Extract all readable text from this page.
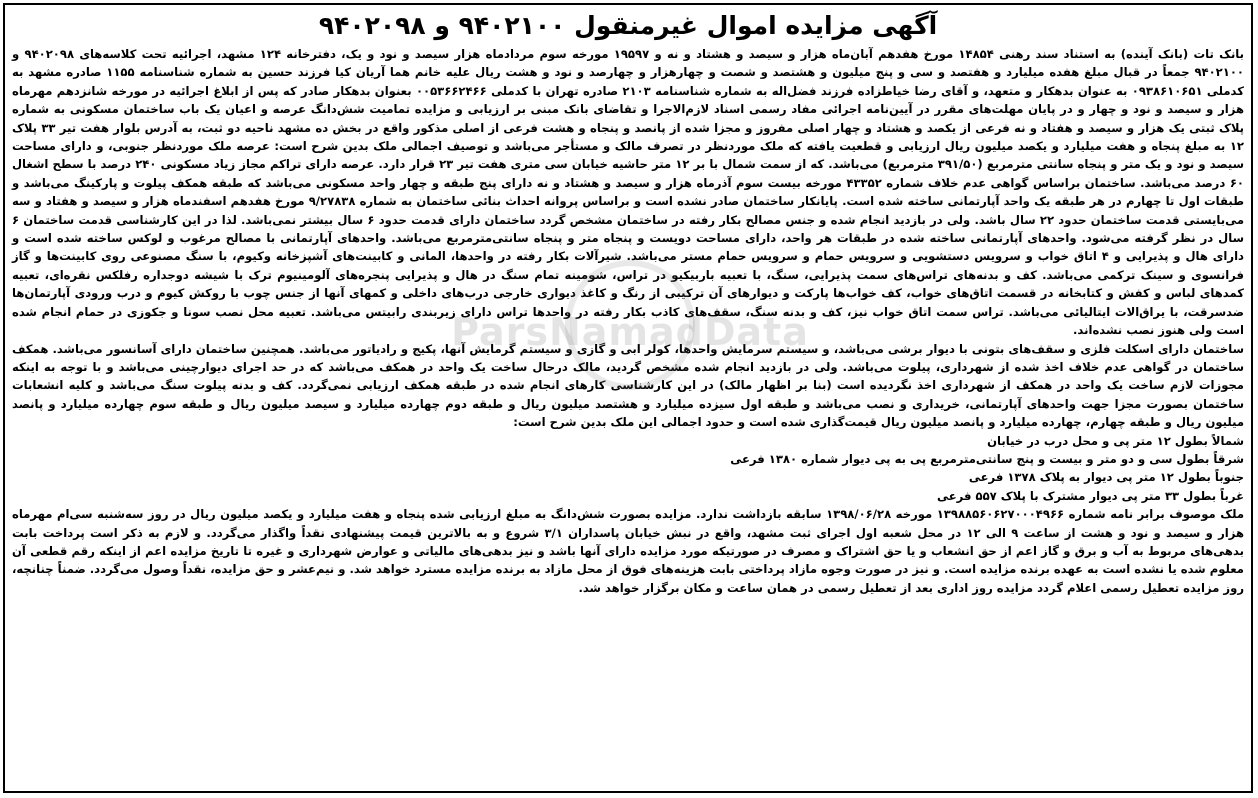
آگهی مزایده اموال غیرمنقول ۹۴۰۲۱۰۰ و ۹۴۰۲۰۹۸

بانک تات (بانک آینده) به استناد سند رهنی ۱۴۸۵۴ مورخ هفدهم آبان‌ماه هزار و سیصد و هشتاد و نه و ۱۹۵۹۷ مورخه سوم مردادماه هزار سیصد و نود و یک، دفترخانه ۱۲۴ مشهد، اجرائیه تحت کلاسه‌های ۹۴۰۲۰۹۸ و ۹۴۰۲۱۰۰ جمعاً در قبال مبلغ هفده میلیارد و هفتصد و سی و پنج میلیون و هشتصد و شصت و چهارهزار و چهارصد و نود و هشت ریال علیه خانم هما آریان کیا فرزند حسین به شماره شناسنامه ۱۱۵۵ صادره مشهد به کدملی ۰۹۳۸۶۱۰۶۵۱ به عنوان بدهکار و متعهد، و آقای رضا خیاطزاده فرزند فضل‌اله به شماره شناسنامه ۲۱۰۳ صادره تهران با کدملی ۰۰۵۳۶۶۲۴۶۶ بعنوان بدهکار صادر که پس از ابلاغ اجرائیه در مورخه شانزدهم مهرماه هزار و سیصد و نود و چهار و در پایان مهلت‌های مقرر در آیین‌نامه اجرائی مفاد رسمی اسناد لازم‌الاجرا و تقاضای بانک مبنی بر ارزیابی و مزایده تمامیت شش‌دانگ عرصه و اعیان یک باب ساختمان مسکونی به شماره پلاک ثبتی یک هزار و سیصد و هفتاد و نه فرعی از یکصد و هشتاد و چهار اصلی مفروز و مجزا شده از پانصد و پنجاه و هشت فرعی از اصلی مذکور واقع در بخش ده مشهد ناحیه دو ثبت، به آدرس بلوار هفت تیر ۳۳ پلاک ۱۲ به مبلغ پنجاه و هفت میلیارد و یکصد میلیون ریال ارزیابی و قطعیت یافته که ملک موردنظر در تصرف مالک و مستأجر می‌باشد و توصیف اجمالی ملک بدین شرح است: عرصه ملک موردنظر جنوبی، و دارای مساحت سیصد و نود و یک متر و پنجاه سانتی مترمربع (۳۹۱/۵۰ مترمربع) می‌باشد. که از سمت شمال با بر ۱۲ متر حاشیه خیابان سی متری هفت تیر ۲۳ قرار دارد. عرصه دارای تراکم مجاز زیاد مسکونی ۲۴۰ درصد با سطح اشغال ۶۰ درصد می‌باشد. ساختمان براساس گواهی عدم خلاف شماره ۴۳۳۵۲ مورخه بیست سوم آذرماه هزار و سیصد و هشتاد و نه دارای پنج طبقه و چهار واحد مسکونی می‌باشد که طبقه همکف پیلوت و پارکینگ می‌باشد و طبقات اول تا چهارم در هر طبقه یک واحد آپارتمانی ساخته شده است. پایانکار ساختمان صادر نشده است و براساس پروانه احداث بنائی ساختمان به شماره ۹/۲۷۸۳۸ مورخ هفدهم اسفندماه هزار و سیصد و هفتاد و سه می‌بایستی قدمت ساختمان حدود ۲۲ سال باشد. ولی در بازدید انجام شده و جنس مصالح بکار رفته در ساختمان مشخص گردد ساختمان دارای قدمت حدود ۶ سال بیشتر نمی‌باشد. لذا در این کارشناسی قدمت ساختمان ۶ سال در نظر گرفته می‌شود. واحدهای آپارتمانی ساخته شده در طبقات هر واحد، دارای مساحت دویست و پنجاه متر و پنجاه سانتی‌مترمربع می‌باشد. واحدهای آپارتمانی با مصالح مرغوب و لوکس ساخته شده است و دارای هال و پذیرایی و ۴ اتاق خواب و سرویس دستشویی و سرویس حمام و سرویس حمام مستر می‌باشد. شیرآلات بکار رفته در واحدها، المانی و کابینت‌های آشپزخانه وکیوم، با سنگ مصنوعی روی کابینت‌ها و گاز فرانسوی و سینک ترکمی می‌باشد. کف و بدنه‌های تراس‌های سمت پذیرایی، سنگ، با تعبیه باربیکیو در تراس، شومینه تمام سنگ در هال و پذیرایی پنجره‌های آلومینیوم ترک با شیشه دوجداره رفلکس نقره‌ای، تعبیه کمدهای لباس و کفش و کتابخانه در قسمت اتاق‌های خواب، کف خواب‌ها پارکت و دیوارهای آن ترکیبی از رنگ و کاغذ دیواری خارجی درب‌های داخلی و کمهای آنها از جنس چوب با روکش کیوم و درب ورودی آپارتمان‌ها ضدسرقت، با یراق‌الات ایتالیائی می‌باشد. تراس سمت اتاق خواب نیز، کف و بدنه سنگ، سقف‌های کاذب بکار رفته در واحدها تراس دارای زیربندی رابیتس می‌باشد. تعبیه محل نصب سونا و جکوزی در حمام انجام شده است ولی هنوز نصب نشده‌اند.

ساختمان دارای اسکلت فلزی و سقف‌های بتونی با دیوار برشی می‌باشد، و سیستم سرمایش واحدها، کولر ابی و گازی و سیستم گرمایش آنها، پکیج و رادیاتور می‌باشد. همچنین ساختمان دارای آسانسور می‌باشد. همکف ساختمان در گواهی عدم خلاف اخذ شده از شهرداری، پیلوت می‌باشد. ولی در بازدید انجام شده مشخص گردید، مالک درحال ساخت یک واحد در همکف می‌باشد که در حد اجرای دیوارچینی می‌باشد و با توجه به اینکه مجوزات لازم ساخت یک واحد در همکف از شهرداری اخذ نگردیده است (بنا بر اظهار مالک) در این کارشناسی کارهای انجام شده در طبقه همکف ارزیابی نمی‌گردد. کف و بدنه پیلوت سنگ می‌باشد و کلیه انشعابات ساختمان بصورت مجزا جهت واحدهای آپارتمانی، خریداری و نصب می‌باشد و طبقه اول سیزده میلیارد و هشتصد میلیون ریال و طبقه دوم چهارده میلیارد و سیصد میلیون ریال و طبقه سوم چهارده میلیارد و پانصد میلیون ریال و طبقه چهارم، چهارده میلیارد و پانصد میلیون ریال قیمت‌گذاری شده است و حدود اجمالی این ملک بدین شرح است:

شمالاً بطول ۱۲ متر پی و محل درب در خیابان
شرقاً بطول سی و دو متر و بیست و پنج سانتی‌مترمربع پی به پی دیوار شماره ۱۳۸۰ فرعی
جنوباً بطول ۱۲ متر پی دیوار به پلاک ۱۳۷۸ فرعی
غرباً بطول ۳۳ متر پی دیوار مشترک با پلاک ۵۵۷ فرعی

ملک موصوف برابر نامه شماره ۱۳۹۸۸۵۶۰۶۲۷۰۰۰۴۹۶۶ مورخه ۱۳۹۸/۰۶/۲۸ سابقه بازداشت ندارد. مزایده بصورت شش‌دانگ به مبلغ ارزیابی شده پنجاه و هفت میلیارد و یکصد میلیون ریال در روز سه‌شنبه سی‌ام مهرماه هزار و سیصد و نود و هشت از ساعت ۹ الی ۱۲ در محل شعبه اول اجرای ثبت مشهد، واقع در نبش خیابان پاسداران ۳/۱ شروع و به بالاترین قیمت پیشنهادی نقداً واگذار می‌گردد. و لازم به ذکر است پرداخت بابت بدهی‌های مربوط به آب و برق و گاز اعم از حق انشعاب و یا حق اشتراک و مصرف در صورتیکه مورد مزایده دارای آنها باشد و نیز بدهی‌های مالیاتی و عوارض شهرداری و غیره تا تاریخ مزایده اعم از اینکه رقم قطعی آن معلوم شده یا نشده است به عهده برنده مزایده است. و نیز در صورت وجوه مازاد پرداختی بابت هزینه‌های فوق از محل مازاد به برنده مزایده مسترد خواهد شد. و نیم‌عشر و حق مزایده، نقداً وصول می‌گردد. ضمناً چنانچه، روز مزایده تعطیل رسمی اعلام گردد مزایده روز اداری بعد از تعطیل رسمی در همان ساعت و مکان برگزار خواهد شد.

ParsNamadData
